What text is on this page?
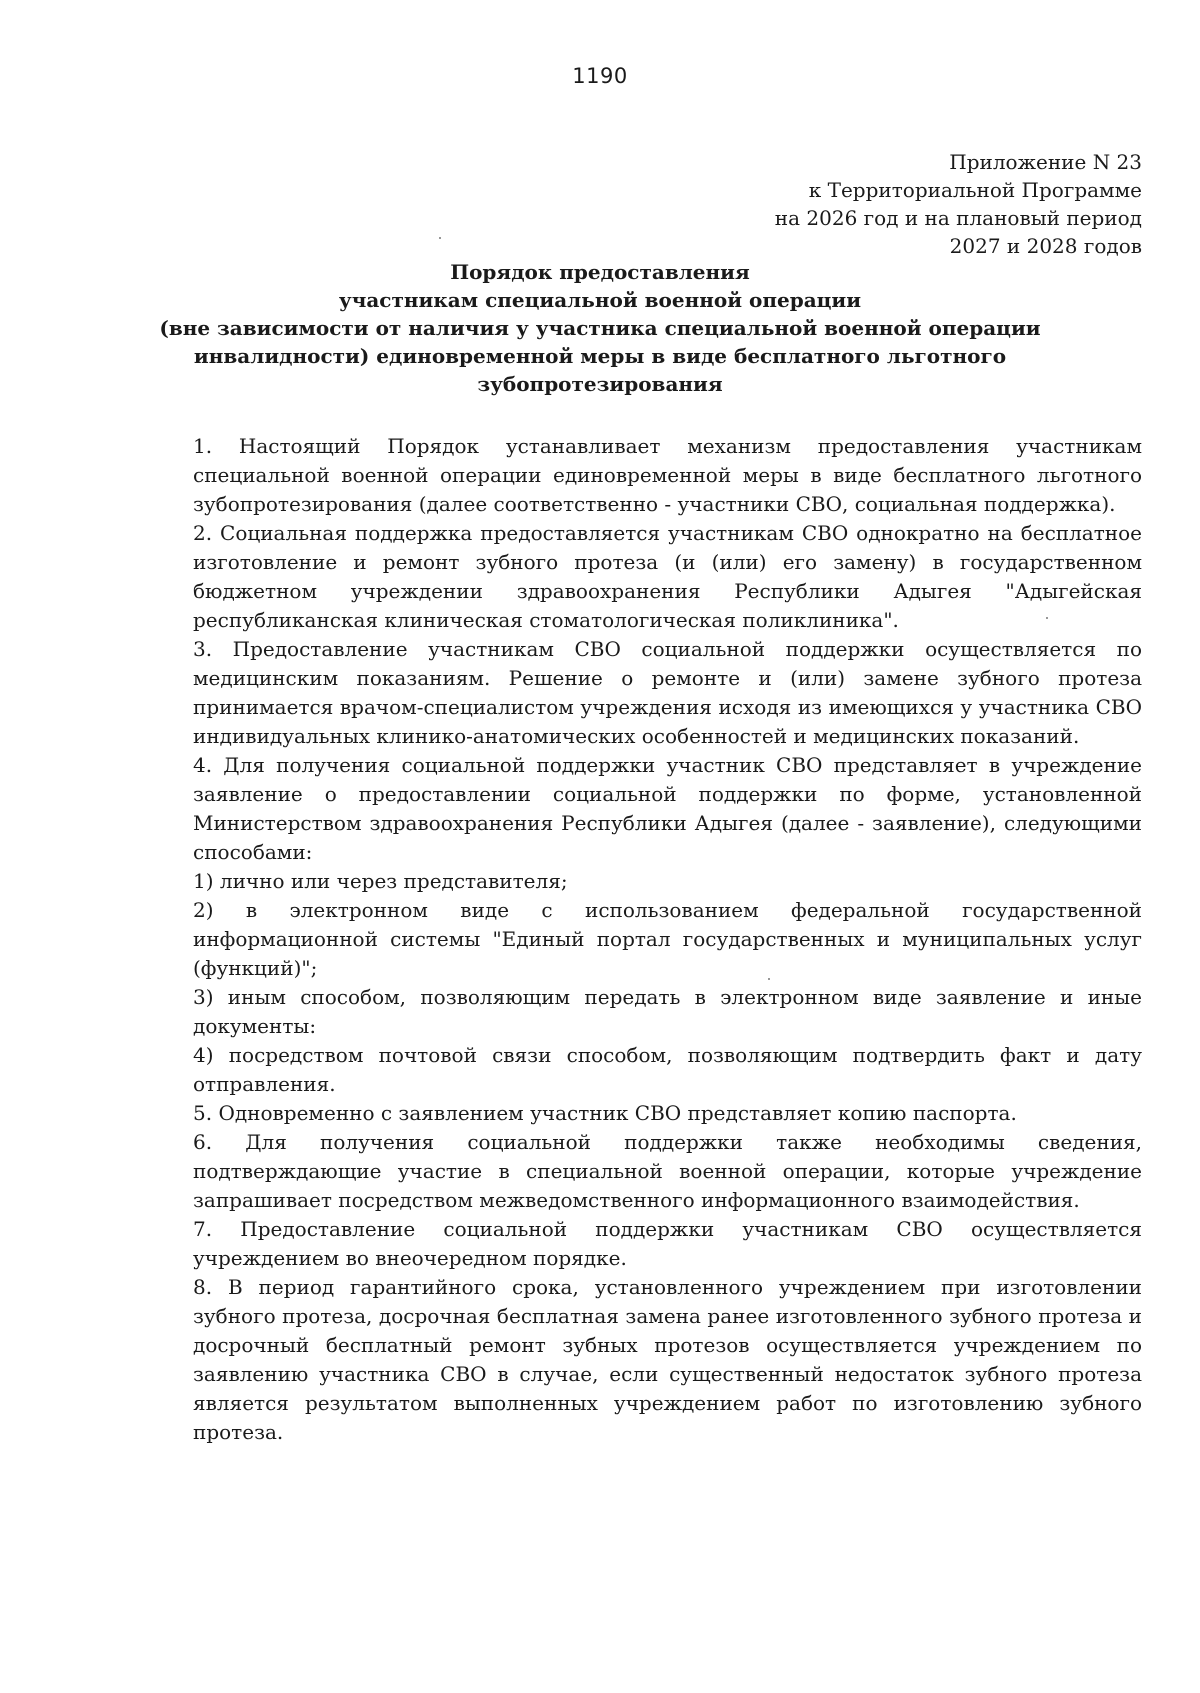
1190
Приложение N 23
к Территориальной Программе
на 2026 год и на плановый период
2027 и 2028 годов
Порядок предоставления
участникам специальной военной операции
(вне зависимости от наличия у участника специальной военной операции
инвалидности) единовременной меры в виде бесплатного льготного
зубопротезирования

1. Настоящий Порядок устанавливает механизм предоставления участникам специальной военной операции единовременной меры в виде бесплатного льготного зубопротезирования (далее соответственно - участники СВО, социальная поддержка).

2. Социальная поддержка предоставляется участникам СВО однократно на бесплатное изготовление и ремонт зубного протеза (и (или) его замену) в государственном бюджетном учреждении здравоохранения Республики Адыгея "Адыгейская республиканская клиническая стоматологическая поликлиника".

3. Предоставление участникам СВО социальной поддержки осуществляется по медицинским показаниям. Решение о ремонте и (или) замене зубного протеза принимается врачом-специалистом учреждения исходя из имеющихся у участника СВО индивидуальных клинико-анатомических особенностей и медицинских показаний.

4. Для получения социальной поддержки участник СВО представляет в учреждение заявление о предоставлении социальной поддержки по форме, установленной Министерством здравоохранения Республики Адыгея (далее - заявление), следующими способами:

1) лично или через представителя;

2) в электронном виде с использованием федеральной государственной информационной системы "Единый портал государственных и муниципальных услуг (функций)";

3) иным способом, позволяющим передать в электронном виде заявление и иные документы:

4) посредством почтовой связи способом, позволяющим подтвердить факт и дату отправления.

5. Одновременно с заявлением участник СВО представляет копию паспорта.

6. Для получения социальной поддержки также необходимы сведения, подтверждающие участие в специальной военной операции, которые учреждение запрашивает посредством межведомственного информационного взаимодействия.

7. Предоставление социальной поддержки участникам СВО осуществляется учреждением во внеочередном порядке.

8. В период гарантийного срока, установленного учреждением при изготовлении зубного протеза, досрочная бесплатная замена ранее изготовленного зубного протеза и досрочный бесплатный ремонт зубных протезов осуществляется учреждением по заявлению участника СВО в случае, если существенный недостаток зубного протеза является результатом выполненных учреждением работ по изготовлению зубного протеза.
